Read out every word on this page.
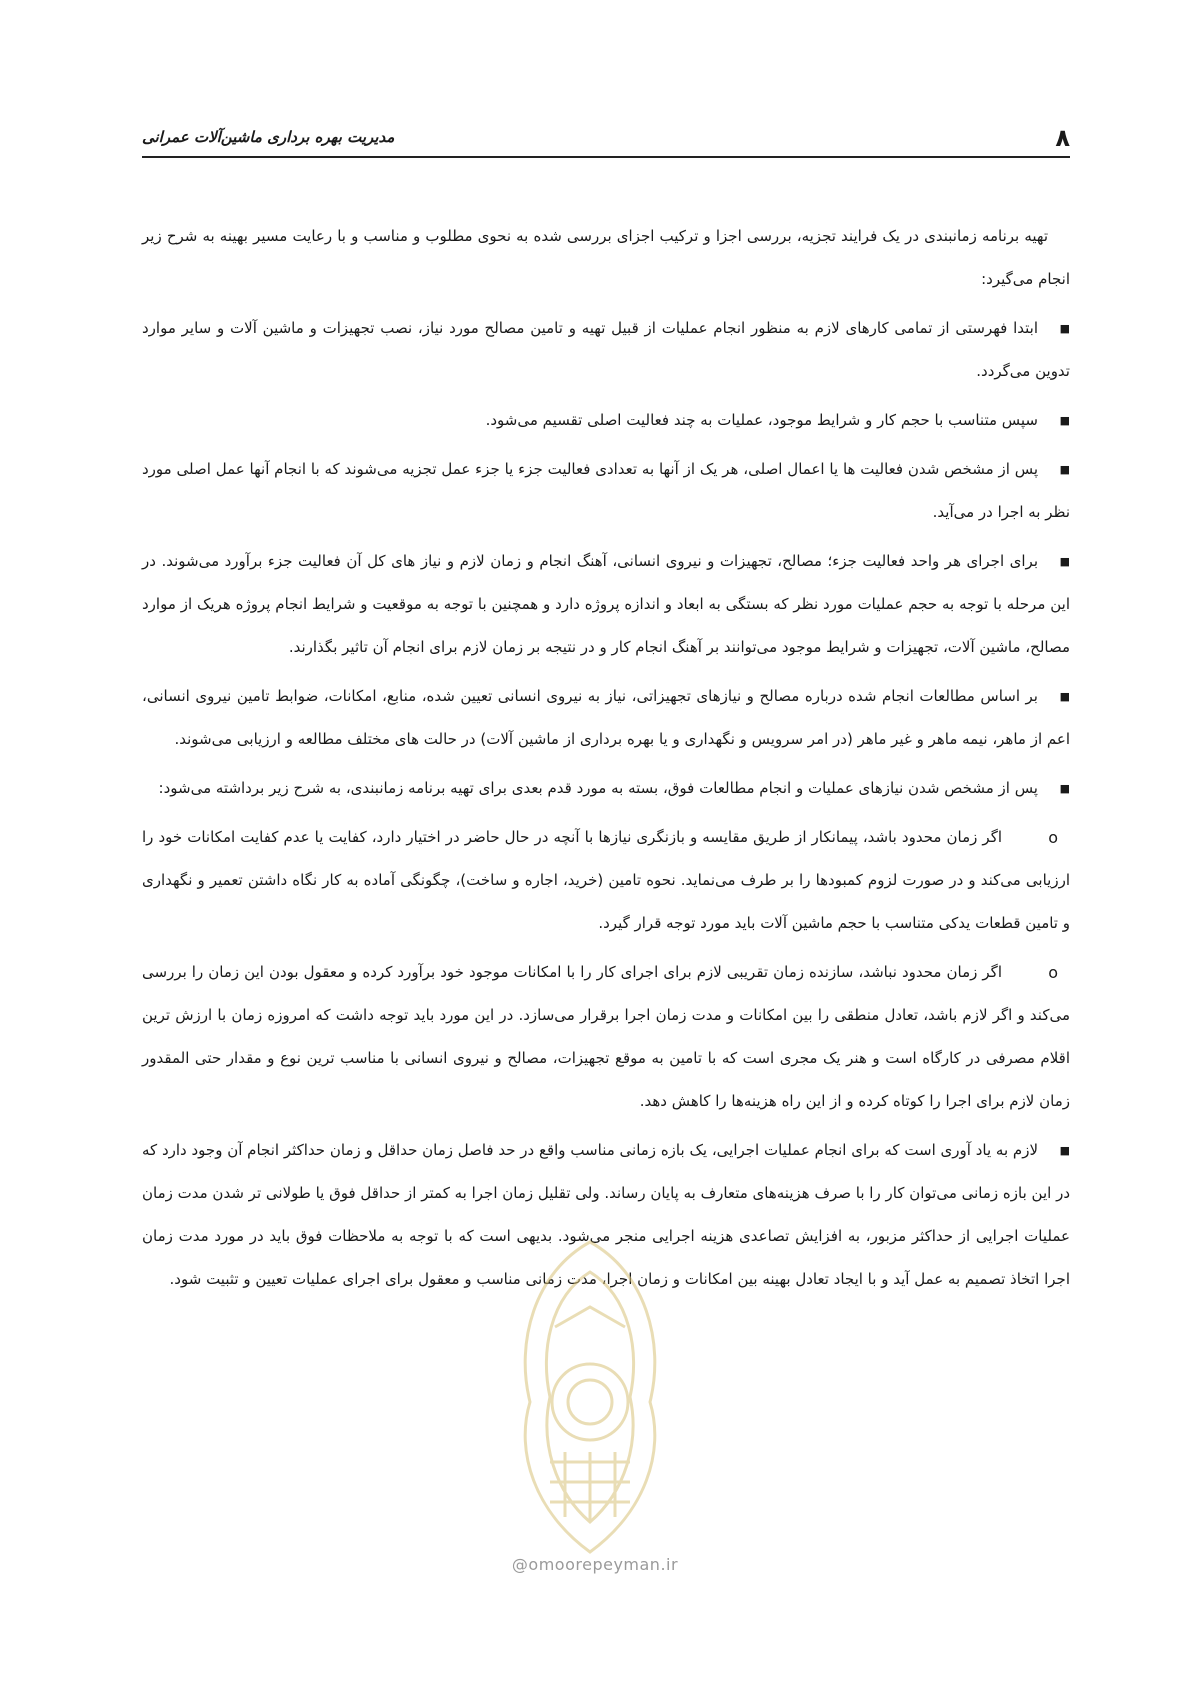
۸
مدیریت بهره برداری ماشین‌آلات عمرانی

تهیه برنامه زمانبندی در یک فرایند تجزیه، بررسی اجزا و ترکیب اجزای بررسی شده به نحوی مطلوب و مناسب و با رعایت مسیر بهینه به شرح زیر انجام می‌گیرد:

■
ابتدا فهرستی از تمامی کارهای لازم به منظور انجام عملیات از قبیل تهیه و تامین مصالح مورد نیاز، نصب تجهیزات و ماشین آلات و سایر موارد تدوین می‌گردد.

■
سپس متناسب با حجم کار و شرایط موجود، عملیات به چند فعالیت اصلی تقسیم می‌شود.

■
پس از مشخص شدن فعالیت ها یا اعمال اصلی، هر یک از آنها به تعدادی فعالیت جزء یا جزء عمل تجزیه می‌شوند که با انجام آنها عمل اصلی مورد نظر به اجرا در می‌آید.

■
برای اجرای هر واحد فعالیت جزء؛ مصالح، تجهیزات و نیروی انسانی، آهنگ انجام و زمان لازم و نیاز های کل آن فعالیت جزء برآورد می‌شوند. در این مرحله با توجه به حجم عملیات مورد نظر که بستگی به ابعاد و اندازه پروژه دارد و همچنین با توجه به موقعیت و شرایط انجام پروژه هریک از موارد مصالح، ماشین آلات، تجهیزات و شرایط موجود می‌توانند بر آهنگ انجام کار و در نتیجه بر زمان لازم برای انجام آن تاثیر بگذارند.

■
بر اساس مطالعات انجام شده درباره مصالح و نیازهای تجهیزاتی، نیاز به نیروی انسانی تعیین شده، منابع، امکانات، ضوابط تامین نیروی انسانی، اعم از ماهر، نیمه ماهر و غیر ماهر (در امر سرویس و نگهداری و یا بهره برداری از ماشین آلات) در حالت های مختلف مطالعه و ارزیابی می‌شوند.

■
پس از مشخص شدن نیازهای عملیات و انجام مطالعات فوق، بسته به مورد قدم بعدی برای تهیه برنامه زمانبندی، به شرح زیر برداشته می‌شود:

o
اگر زمان محدود باشد، پیمانکار از طریق مقایسه و بازنگری نیازها با آنچه در حال حاضر در اختیار دارد، کفایت یا عدم کفایت امکانات خود را ارزیابی می‌کند و در صورت لزوم کمبودها را بر طرف می‌نماید. نحوه تامین (خرید، اجاره و ساخت)، چگونگی آماده به کار نگاه داشتن تعمیر و نگهداری و تامین قطعات یدکی متناسب با حجم ماشین آلات باید مورد توجه قرار گیرد.

o
اگر زمان محدود نباشد، سازنده زمان تقریبی لازم برای اجرای کار را با امکانات موجود خود برآورد کرده و معقول بودن این زمان را بررسی می‌کند و اگر لازم باشد، تعادل منطقی را بین امکانات و مدت زمان اجرا برقرار می‌سازد. در این مورد باید توجه داشت که امروزه زمان با ارزش ترین اقلام مصرفی در کارگاه است و هنر یک مجری است که با تامین به موقع تجهیزات، مصالح و نیروی انسانی با مناسب ترین نوع و مقدار حتی المقدور زمان لازم برای اجرا را کوتاه کرده و از این راه هزینه‌ها را کاهش دهد.

■
لازم به یاد آوری است که برای انجام عملیات اجرایی، یک بازه زمانی مناسب واقع در حد فاصل زمان حداقل و زمان حداکثر انجام آن وجود دارد که در این بازه زمانی می‌توان کار را با صرف هزینه‌های متعارف به پایان رساند. ولی تقلیل زمان اجرا به کمتر از حداقل فوق یا طولانی تر شدن مدت زمان عملیات اجرایی از حداکثر مزبور، به افزایش تصاعدی هزینه اجرایی منجر می‌شود. بدیهی است که با توجه به ملاحظات فوق باید در مورد مدت زمان اجرا اتخاذ تصمیم به عمل آید و با ایجاد تعادل بهینه بین امکانات و زمان اجرا، مدت زمانی مناسب و معقول برای اجرای عملیات تعیین و تثبیت شود.

@omoorepeyman.ir
